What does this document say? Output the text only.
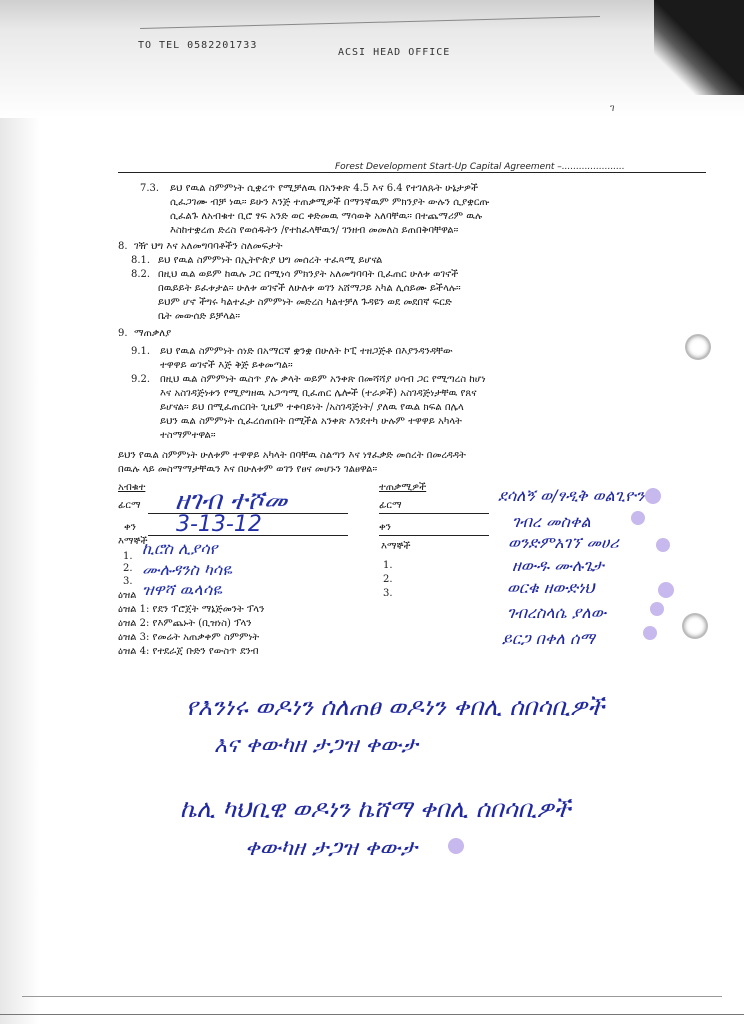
TO TEL 0582201733
ACSI HEAD OFFICE
ገ
Forest Development Start-Up Capital Agreement –......................
7.3. ይህ የዉል ስምምነት ሲቋረጥ የሚቻለዉ በአንቀጽ 4.5 እና 6.4 የተገለጹት ሁኔታዎች
ሲፈጋገሙ ብቻ ነዉ። ይሁን እንጅ ተጠቃሚዎች በማንኛዉም ምክንያት ውሉን ሲያቋርጡ
ሲፈልጉ ለአብቁተ ቢሮ ፃፍ አንድ ወር ቀድመዉ ማሳወቅ አለባቸዉ። በተጨማሪም ዉሉ
እስከተቋረጠ ድረስ የወሰዱትን /የተከፈላቸዉን/ ገንዘብ መመለስ ይጠበቅባቸዋል።
8. ገዥ ህግ እና አለመግባባቶችን ስለመፍታት
8.1. ይህ የዉል ስምምነት በኢትዮጵያ ህግ መሰረት ተፈጻሚ ይሆናል
8.2. በዚህ ዉል ወይም ከዉሉ ጋር በሚነሳ ምክንያት አለመግባባት ቢፈጠር ሁለቱ ወገኖች
በዉይይት ይፈቱታል። ሁለቱ ወገኖች ለሁለቱ ወገን አሸማጋይ አካል ሊሰይሙ ይችላሉ።
ይህም ሆኖ ችግሩ ካልተፈታ ስምምነት መድረስ ካልተቻለ ጉዳዩን ወደ መደበኛ ፍርድ
ቤት መውሰድ ይቻላል።
9. ማጠቃለያ
9.1. ይህ የዉል ስምምነት ሰነድ በአማርኛ ቋንቋ በሁለት ኮፒ ተዘጋጅቶ በእያንዳንዳቸው
ተዋዋይ ወገኖች እጅ ቅጅ ይቀመጣል።
9.2. በዚህ ዉል ስምምነት ዉስጥ ያሉ ቃላት ወይም አንቀጽ በመሻሻያ ሀሳብ ጋር የሚጣረስ ከሆነ
እና አስገዳጅነቱን የሚያግዘዉ አጋጣሚ ቢፈጠር ሌሎች (ተራዎች) አስገዳጅነታቸዉ የጸና
ይሆናል። ይህ በሚፈጠርበት ጊዜም ተቀባይነት /አስገዳጅነት/ ያለዉ የዉል ክፍል በሌላ
ይህን ዉል ስምምነት ሲፈረሰጠበት በሚችል አንቀጽ እንደተካ ሁሉም ተዋዋይ አካላት
ተስማምተዋል።
ይህን የዉል ስምምነት ሁለቱም ተዋዋይ አካላት በባቸዉ ስልጣን እና ነፃፈቃድ መሰረት በመረዳዳት
በዉሉ ላይ መስማማታቸዉን እና በሁለቱም ወገን የፀና መሆኑን ገልፀዋል።
አብቁተ
ፊርማ ዘገብ ተሾመ
ቀን 3-13-12
እማኞች
1.
2.
3.
ኪሮስ ሊያሳየ
ሙሉዳንስ ካሳዬ
ዝዋሻ ዉላሳዬ
ዕዝል
ተጠቃሚዎች
ፊርማ
ቀን
እማኞች
1.
2.
3.
ደሳለኝ ወ/ፃዲቅ ወልጊዮን
ገብረ መስቀል
ወንድምአገኘ መሀሪ
ዘውዱ ሙሉጌታ
ወርቁ ዘውድነህ
ገብረስላሴ ያለው
ይርጋ በቀለ ሰማ
ዕዝል 1: የደን ፕሮጀት ማኔጅመንት ፕላን
ዕዝል 2: የእምጨኑት (ቢዝነስ) ፕላን
ዕዝል 3: የመሬት አጠቃቀም ስምምነት
ዕዝል 4: የተደራጀ ቡድን የውስጥ ደንብ
የእንነሩ ወዶነን ሰለጠፀ ወዶነን ቀበሊ ሰበሳቢዎች
እና ቀውካዘ ታጋዝ ቀውታ
ኬሊ ካህቢዊ ወዶነን ኬሸማ ቀበሊ ሰበሳቢዎች
ቀውካዘ ታጋዝ ቀውታ
